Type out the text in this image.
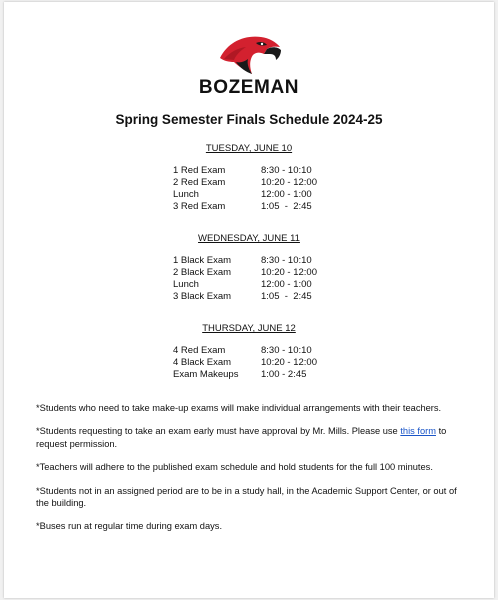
BOZEMAN
Spring Semester Finals Schedule 2024-25
TUESDAY, JUNE 10
1 Red Exam	8:30 - 10:10
2 Red Exam	10:20 - 12:00
Lunch	12:00 - 1:00
3 Red Exam	1:05  -  2:45
WEDNESDAY, JUNE 11
1 Black Exam	8:30 - 10:10
2 Black Exam	10:20 - 12:00
Lunch	12:00 - 1:00
3 Black Exam	1:05  -  2:45
THURSDAY, JUNE 12
4 Red Exam	8:30 - 10:10
4 Black Exam	10:20 - 12:00
Exam Makeups	1:00 - 2:45

*Students who need to take make-up exams will make individual arrangements with their teachers.

*Students requesting to take an exam early must have approval by Mr. Mills. Please use this form to request permission.

*Teachers will adhere to the published exam schedule and hold students for the full 100 minutes.

*Students not in an assigned period are to be in a study hall, in the Academic Support Center, or out of the building.

*Buses run at regular time during exam days.
